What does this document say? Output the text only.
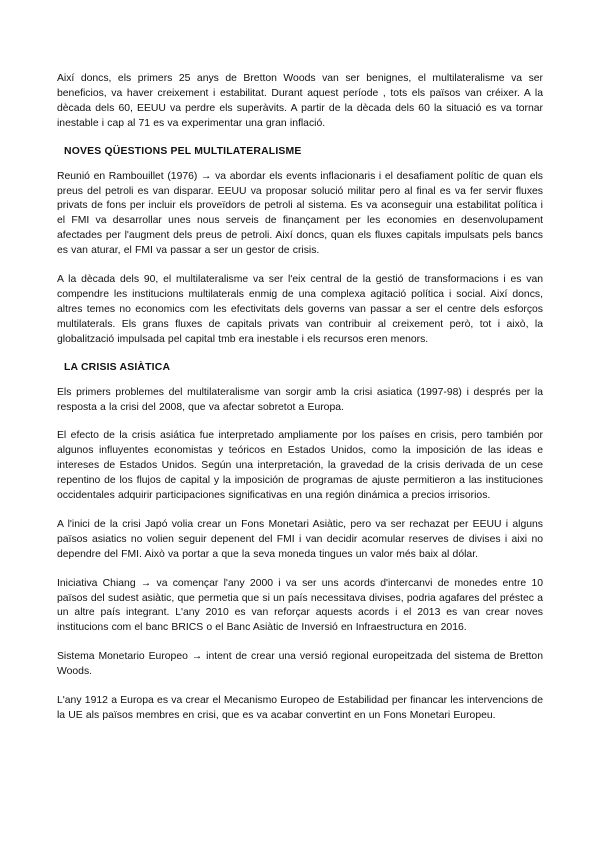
Així doncs, els primers 25 anys de Bretton Woods van ser benignes, el multilateralisme va ser beneficios, va haver creixement i estabilitat. Durant aquest període , tots els països van créixer. A la dècada dels 60, EEUU va perdre els superàvits. A partir de la dècada dels 60 la situació es va tornar inestable i cap al 71 es va experimentar una gran inflació.

NOVES QÜESTIONS PEL MULTILATERALISME

Reunió en Rambouillet (1976) → va abordar els events inflacionaris i el desafiament polític de quan els preus del petroli es van disparar. EEUU va proposar solució militar pero al final es va fer servir fluxes privats de fons per incluir els proveïdors de petroli al sistema. Es va aconseguir una estabilitat política i el FMI va desarrollar unes nous serveis de finançament per les economies en desenvolupament afectades per l'augment dels preus de petroli. Així doncs, quan els fluxes capitals impulsats pels bancs es van aturar, el FMI va passar a ser un gestor de crisis.

A la dècada dels 90, el multilateralisme va ser l'eix central de la gestió de transformacions i es van compendre les institucions multilaterals enmig de una complexa agitació política i social. Així doncs, altres temes no economics com les efectivitats dels governs van passar a ser el centre dels esforços multilaterals. Els grans fluxes de capitals privats van contribuir al creixement però, tot i això, la globalització impulsada pel capital tmb era inestable i els recursos eren menors.

LA CRISIS ASIÀTICA

Els primers problemes del multilateralisme van sorgir amb la crisi asiatica (1997-98) i després per la resposta a la crisi del 2008, que va afectar sobretot a Europa.

El efecto de la crisis asiática fue interpretado ampliamente por los países en crisis, pero también por algunos influyentes economistas y teóricos en Estados Unidos, como la imposición de las ideas e intereses de Estados Unidos. Según una interpretación, la gravedad de la crisis derivada de un cese repentino de los flujos de capital y la imposición de programas de ajuste permitieron a las instituciones occidentales adquirir participaciones significativas en una región dinámica a precios irrisorios.

A l'inici de la crisi Japó volia crear un Fons Monetari Asiàtic, pero va ser rechazat per EEUU i alguns països asiatics no volien seguir depenent del FMI i van decidir acomular reserves de divises i aixi no dependre del FMI. Això va portar a que la seva moneda tingues un valor més baix al dólar.

Iniciativa Chiang → va començar l'any 2000 i va ser uns acords d'intercanvi de monedes entre 10 països del sudest asiàtic, que permetia que si un país necessitava divises, podria agafares del préstec a un altre país integrant. L'any 2010 es van reforçar aquests acords i el 2013 es van crear noves institucions com el banc BRICS o el Banc Asiàtic de Inversió en Infraestructura en 2016.

Sistema Monetario Europeo → intent de crear una versió regional europeitzada del sistema de Bretton Woods.

L'any 1912 a Europa es va crear el Mecanismo Europeo de Estabilidad per financar les intervencions de la UE als països membres en crisi, que es va acabar convertint en un Fons Monetari Europeu.
